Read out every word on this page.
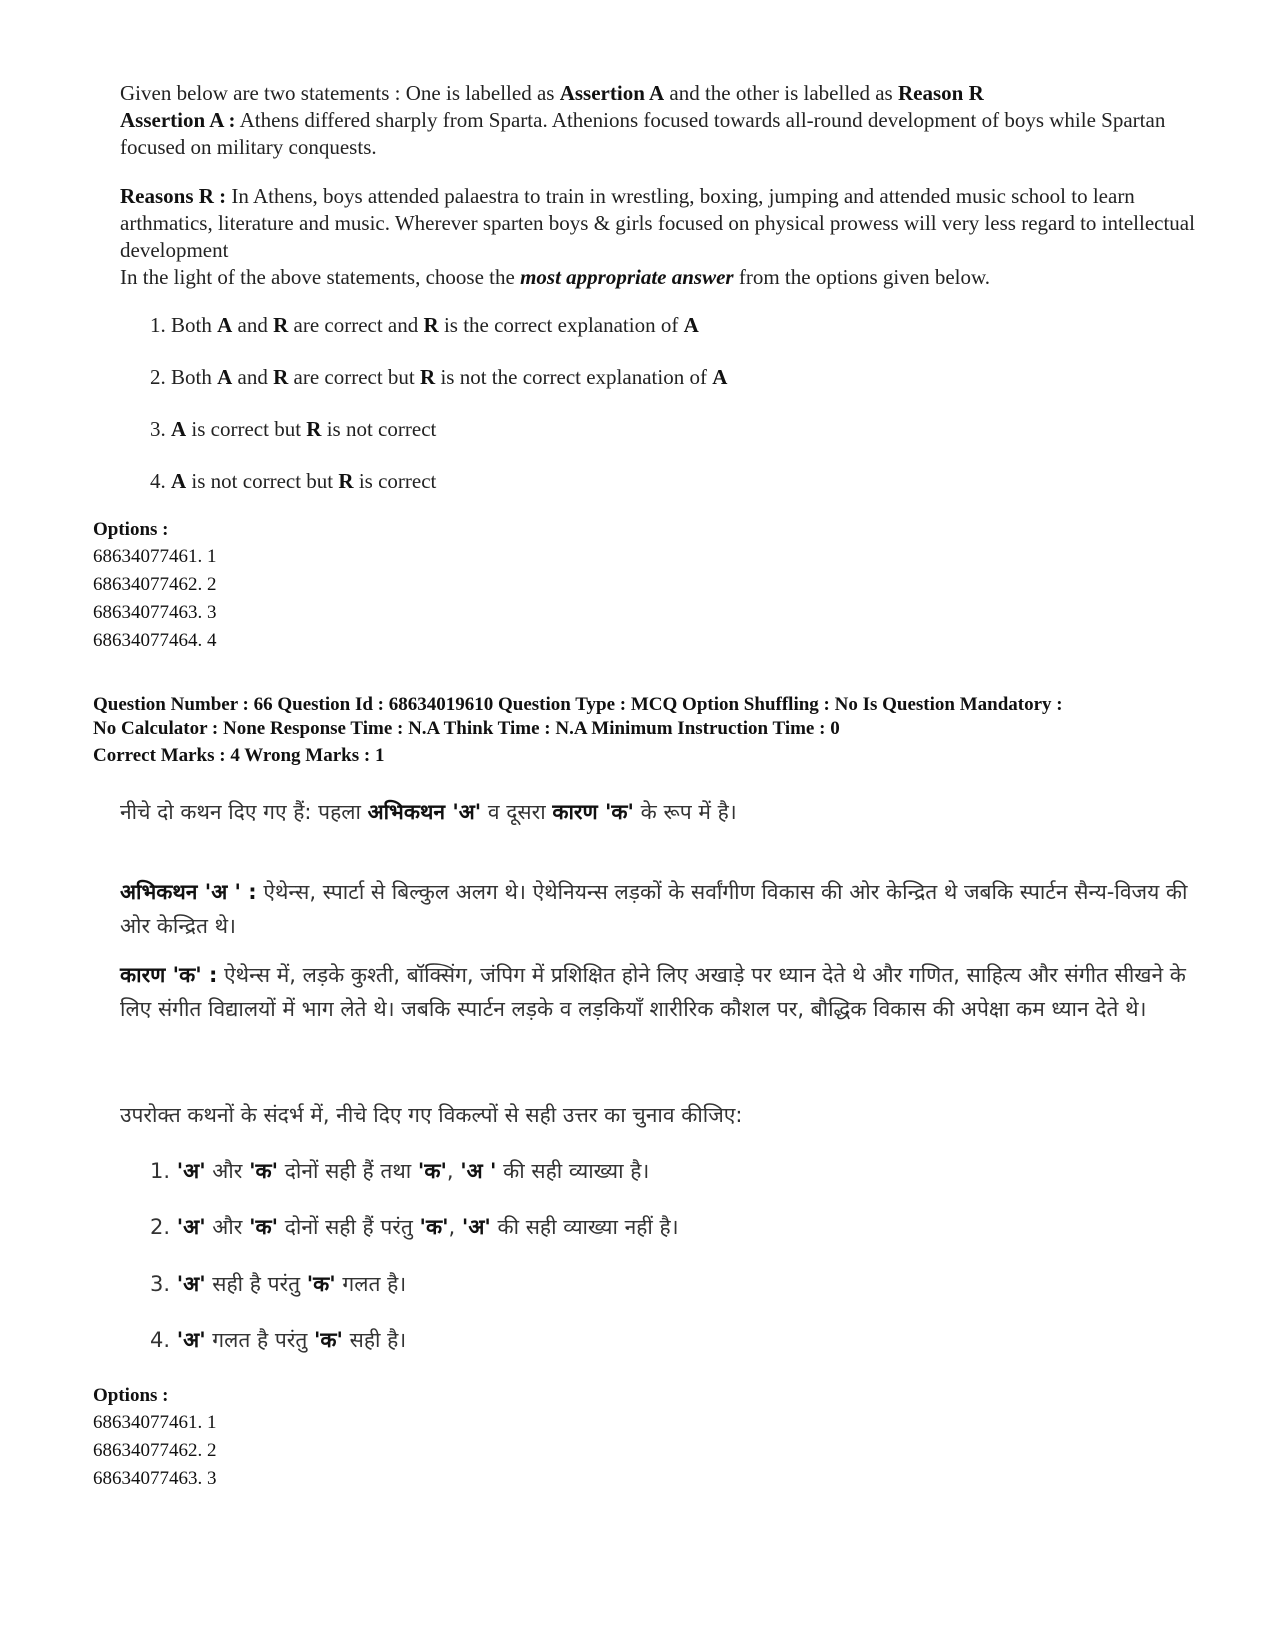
Given below are two statements : One is labelled as Assertion A and the other is labelled as Reason R

Assertion A : Athens differed sharply from Sparta. Athenions focused towards all-round development of boys while Spartan focused on military conquests.

Reasons R : In Athens, boys attended palaestra to train in wrestling, boxing, jumping and attended music school to learn arthmatics, literature and music. Wherever sparten boys & girls focused on physical prowess will very less regard to intellectual development

In the light of the above statements, choose the most appropriate answer from the options given below.

1. Both A and R are correct and R is the correct explanation of A
2. Both A and R are correct but R is not the correct explanation of A
3. A is correct but R is not correct
4. A is not correct but R is correct
Options :
68634077461. 1
68634077462. 2
68634077463. 3
68634077464. 4
Question Number : 66 Question Id : 68634019610 Question Type : MCQ Option Shuffling : No Is Question Mandatory :
No Calculator : None Response Time : N.A Think Time : N.A Minimum Instruction Time : 0
Correct Marks : 4 Wrong Marks : 1
नीचे दो कथन दिए गए हैं: पहला अभिकथन 'अ' व दूसरा कारण 'क' के रूप में है।
अभिकथन 'अ ' : ऐथेन्स, स्पार्टा से बिल्कुल अलग थे। ऐथेनियन्स लड़कों के सर्वांगीण विकास की ओर केन्द्रित थे जबकि स्पार्टन सैन्य-विजय की ओर केन्द्रित थे।
कारण 'क' : ऐथेन्स में, लड़के कुश्ती, बॉक्सिंग, जंपिग में प्रशिक्षित होने लिए अखाड़े पर ध्यान देते थे और गणित, साहित्य और संगीत सीखने के लिए संगीत विद्यालयों में भाग लेते थे। जबकि स्पार्टन लड़के व लड़कियाँ शारीरिक कौशल पर, बौद्धिक विकास की अपेक्षा कम ध्यान देते थे।
उपरोक्त कथनों के संदर्भ में, नीचे दिए गए विकल्पों से सही उत्तर का चुनाव कीजिए:
1. 'अ' और 'क' दोनों सही हैं तथा 'क', 'अ ' की सही व्याख्या है।
2. 'अ' और 'क' दोनों सही हैं परंतु 'क', 'अ' की सही व्याख्या नहीं है।
3. 'अ' सही है परंतु 'क' गलत है।
4. 'अ' गलत है परंतु 'क' सही है।
Options :
68634077461. 1
68634077462. 2
68634077463. 3
